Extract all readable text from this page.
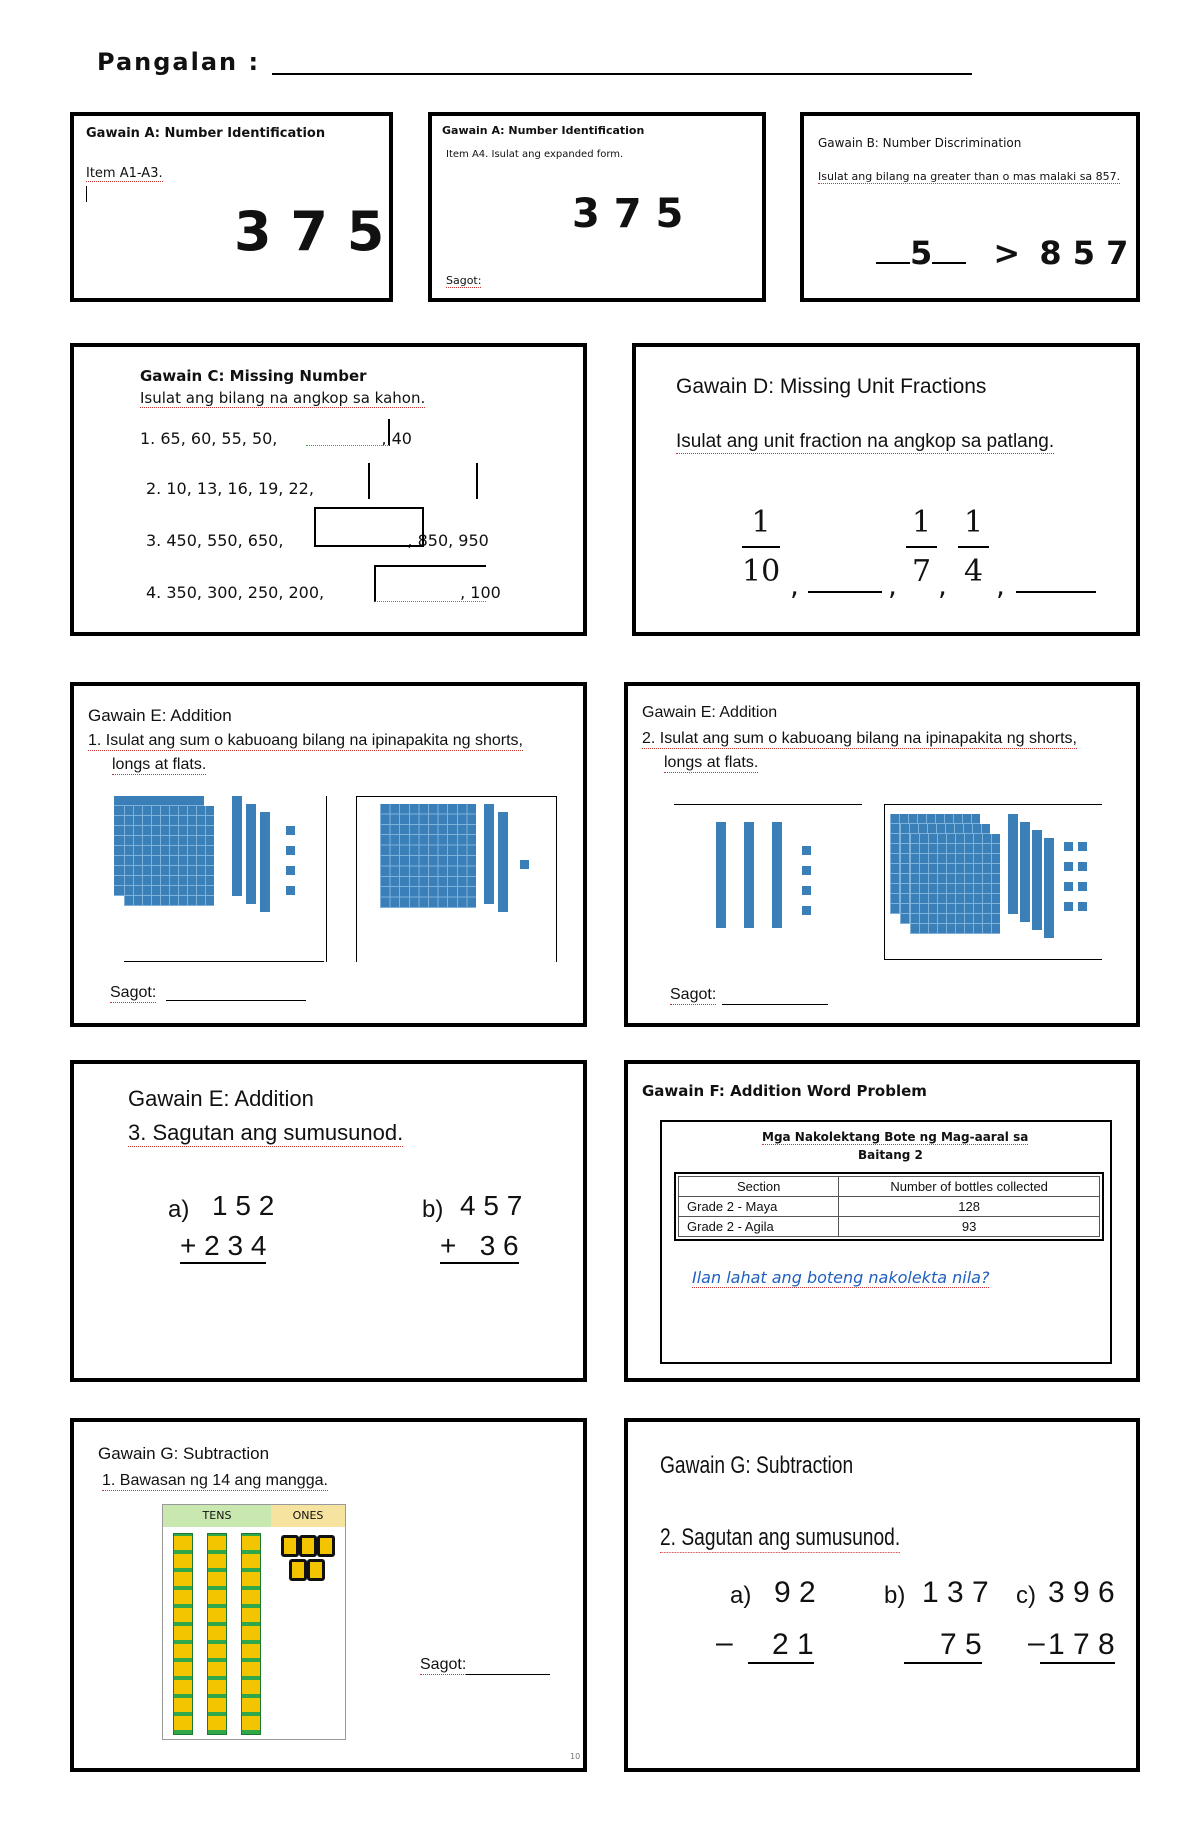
Pangalan :
Gawain A: Number Identification
Item A1-A3.
3 7 5
Gawain A: Number Identification
Item A4. Isulat ang expanded form.
3 7 5
Sagot:
Gawain B: Number Discrimination
Isulat ang bilang na greater than o mas malaki sa 857.
5 > 8 5 7
Gawain C: Missing Number
Isulat ang bilang na angkop sa kahon.
1. 65, 60, 55, 50,	, 40
2. 10, 13, 16, 19, 22,
3. 450, 550, 650,	, 850, 950
4. 350, 300, 250, 200,	, 100
Gawain D: Missing Unit Fractions
Isulat ang unit fraction na angkop sa patlang.
$\frac{1}{10}$ ,	, $\frac{1}{7}$ , $\frac{1}{4}$ ,
Gawain E: Addition
1. Isulat ang sum o kabuoang bilang na ipinapakita ng shorts,
longs at flats.
Sagot:
Gawain E: Addition
2. Isulat ang sum o kabuoang bilang na ipinapakita ng shorts,
longs at flats.
Sagot:
Gawain E: Addition
3. Sagutan ang sumusunod.
a) 1 5 2
+ 2 3 4
b) 4 5 7
+   3 6
Gawain F: Addition Word Problem
Mga Nakolektang Bote ng Mag-aaral sa
Baitang 2
Section	Number of bottles collected
Grade 2 - Maya	128
Grade 2 - Agila	93
Ilan lahat ang boteng nakolekta nila?
Gawain G: Subtraction
1. Bawasan ng 14 ang mangga.
TENS	ONES
Sagot:
10
Gawain G: Subtraction
2. Sagutan ang sumusunod.
a) 9 2
–	2 1
b) 1 3 7
7 5
c) 3 9 6
– 1 7 8
